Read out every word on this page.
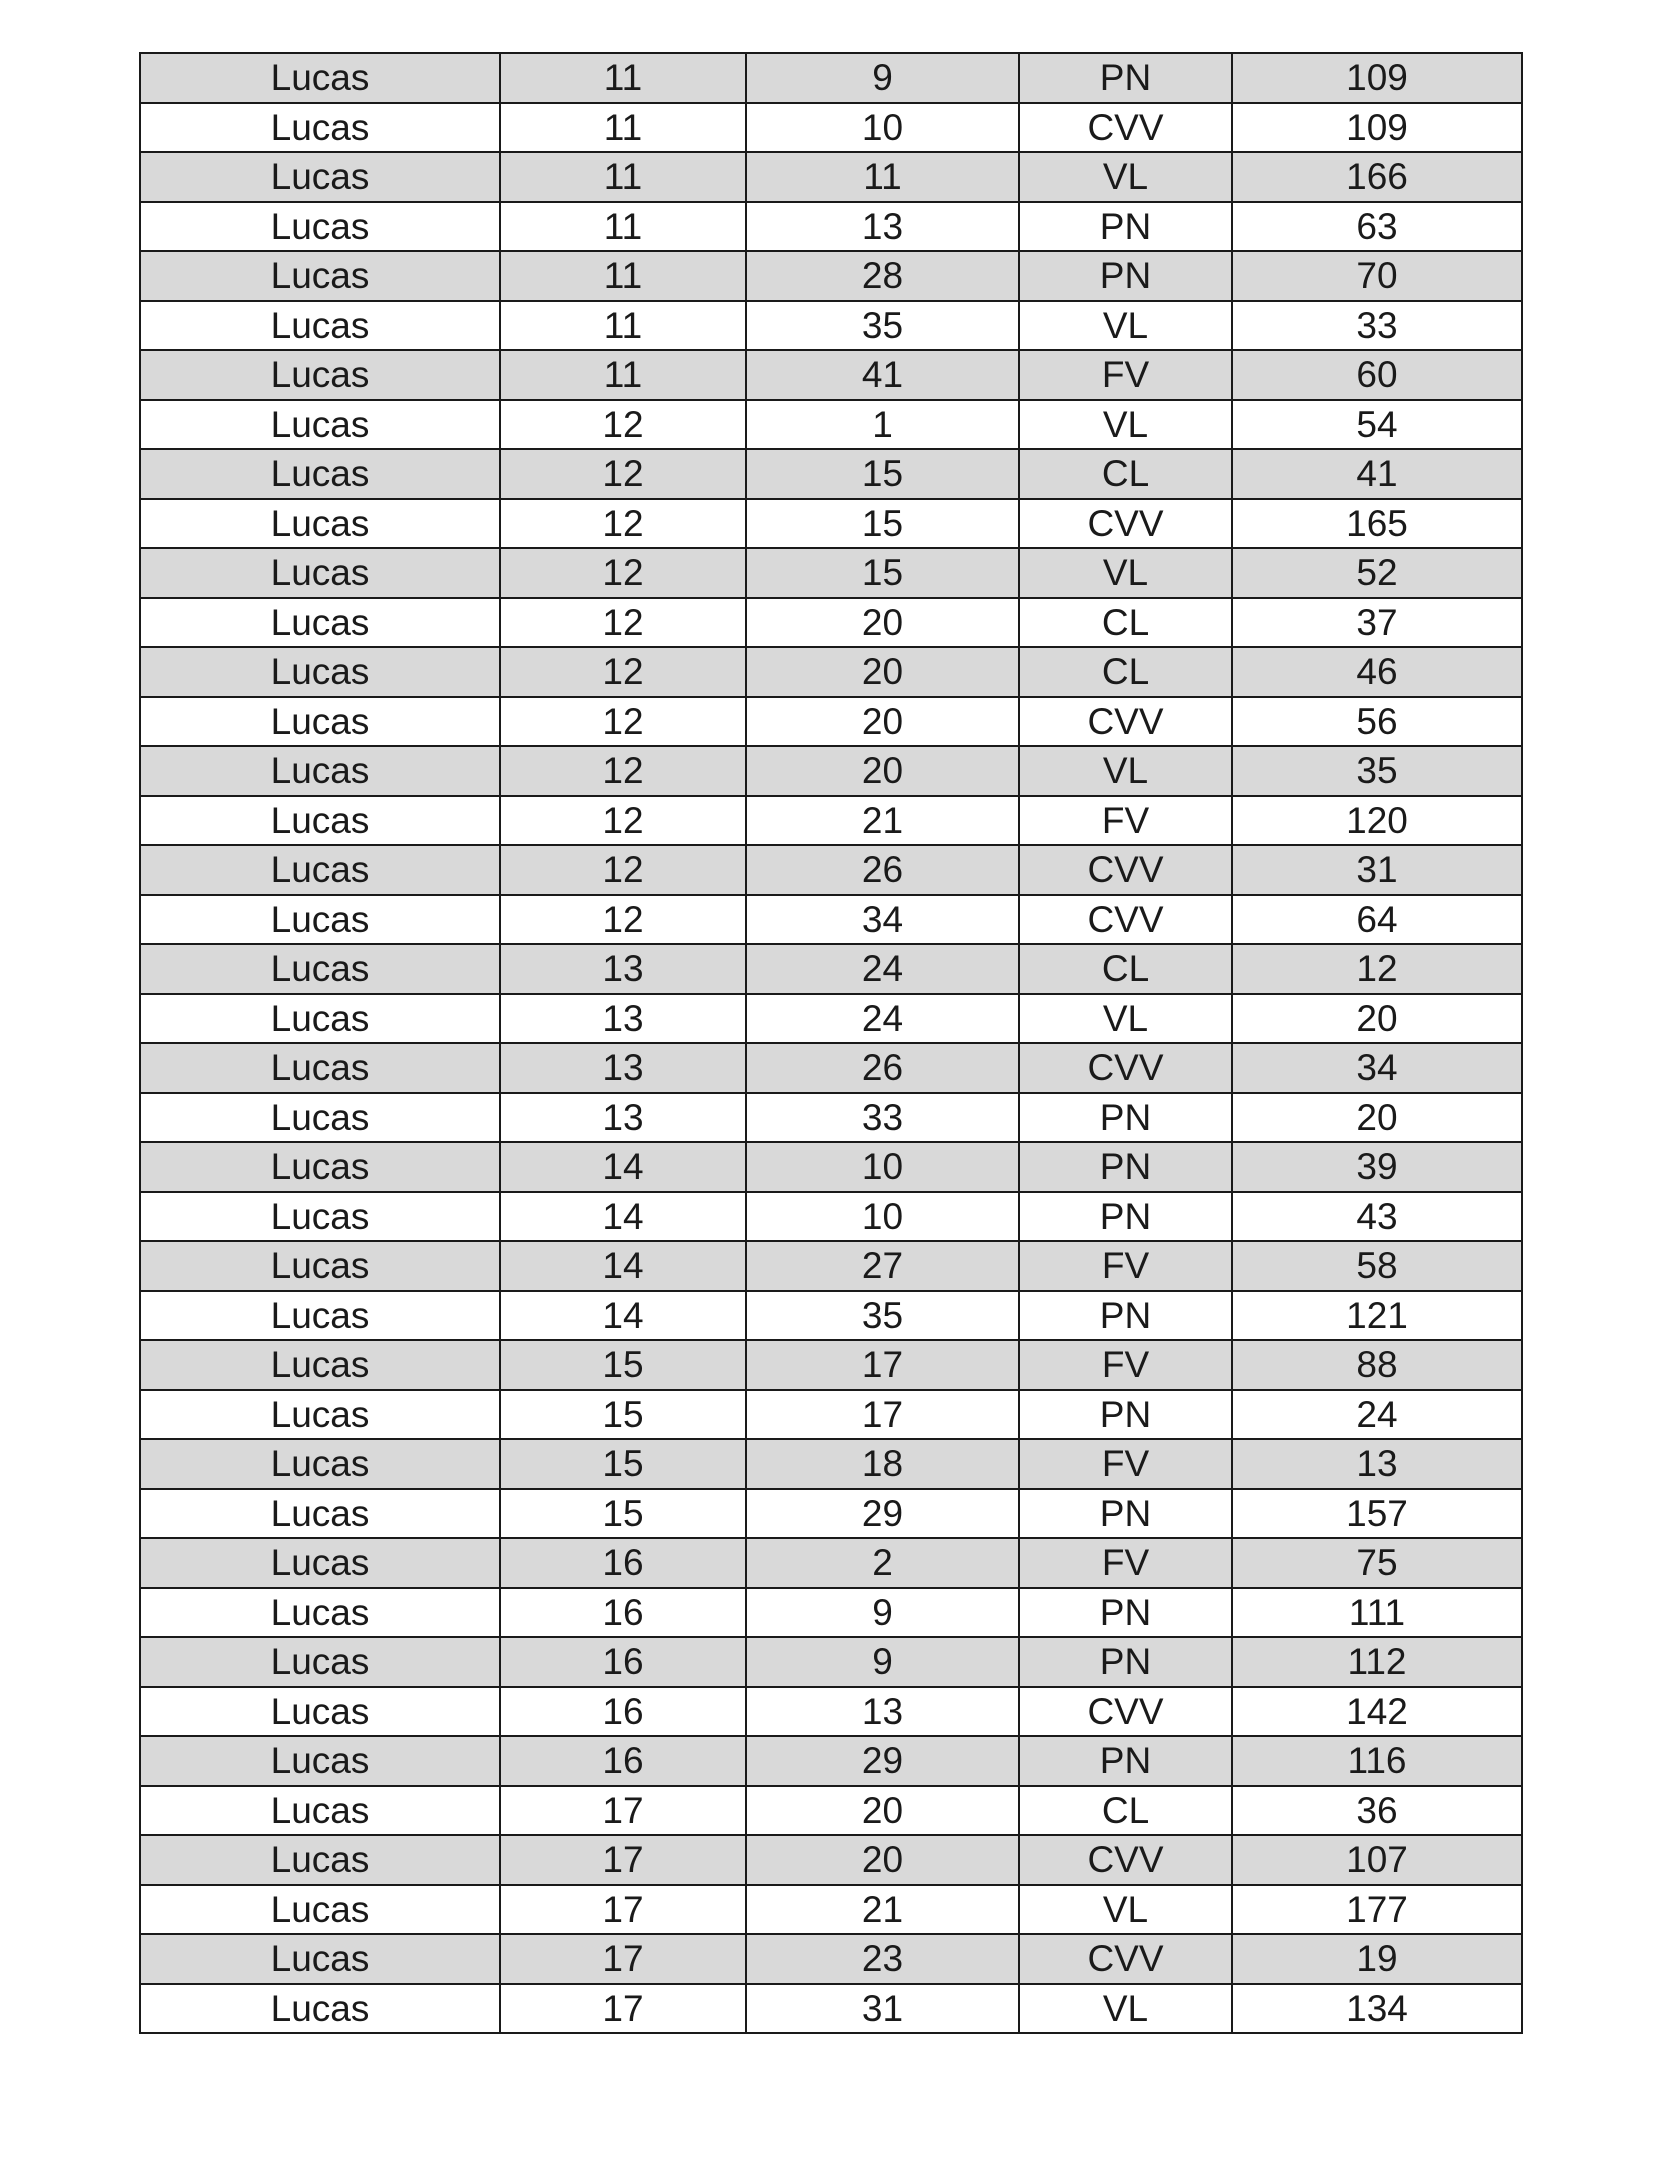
Lucas	11	9	PN	109
Lucas	11	10	CVV	109
Lucas	11	11	VL	166
Lucas	11	13	PN	63
Lucas	11	28	PN	70
Lucas	11	35	VL	33
Lucas	11	41	FV	60
Lucas	12	1	VL	54
Lucas	12	15	CL	41
Lucas	12	15	CVV	165
Lucas	12	15	VL	52
Lucas	12	20	CL	37
Lucas	12	20	CL	46
Lucas	12	20	CVV	56
Lucas	12	20	VL	35
Lucas	12	21	FV	120
Lucas	12	26	CVV	31
Lucas	12	34	CVV	64
Lucas	13	24	CL	12
Lucas	13	24	VL	20
Lucas	13	26	CVV	34
Lucas	13	33	PN	20
Lucas	14	10	PN	39
Lucas	14	10	PN	43
Lucas	14	27	FV	58
Lucas	14	35	PN	121
Lucas	15	17	FV	88
Lucas	15	17	PN	24
Lucas	15	18	FV	13
Lucas	15	29	PN	157
Lucas	16	2	FV	75
Lucas	16	9	PN	111
Lucas	16	9	PN	112
Lucas	16	13	CVV	142
Lucas	16	29	PN	116
Lucas	17	20	CL	36
Lucas	17	20	CVV	107
Lucas	17	21	VL	177
Lucas	17	23	CVV	19
Lucas	17	31	VL	134
